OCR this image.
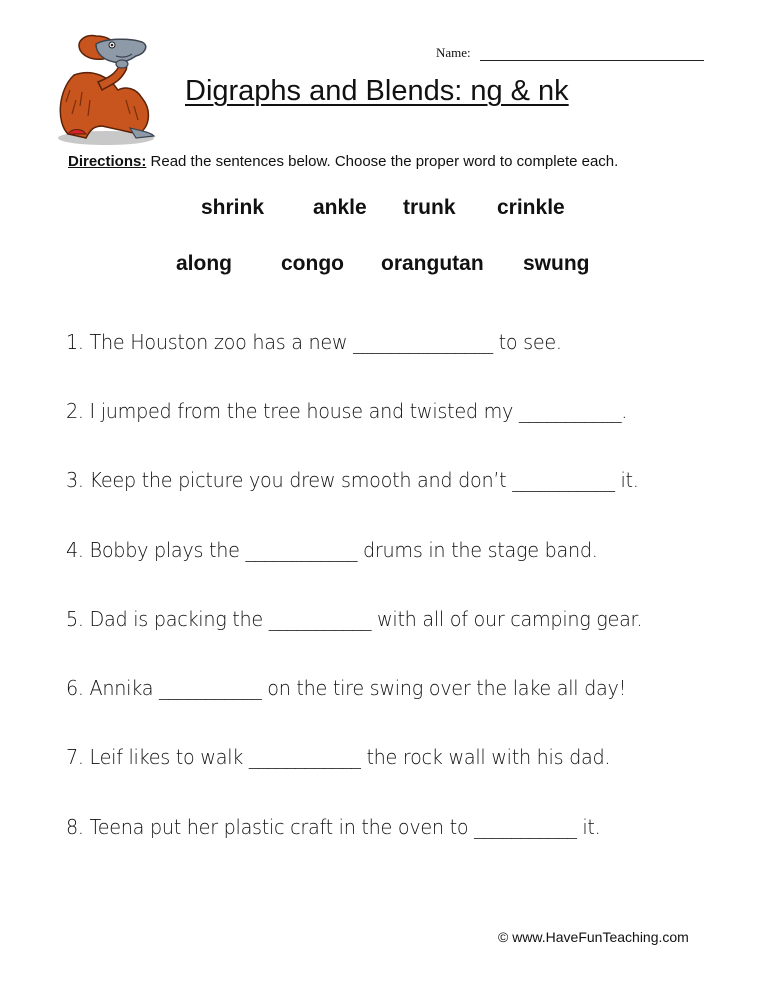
Name:
Digraphs and Blends: ng & nk
Directions: Read the sentences below. Choose the proper word to complete each.
shrink ankle trunk crinkle
along congo orangutan swung
1. The Houston zoo has a new _______________ to see.
2. I jumped from the tree house and twisted my ___________.
3. Keep the picture you drew smooth and don’t ___________ it.
4. Bobby plays the ____________ drums in the stage band.
5. Dad is packing the ___________ with all of our camping gear.
6. Annika ___________ on the tire swing over the lake all day!
7. Leif likes to walk ____________ the rock wall with his dad.
8. Teena put her plastic craft in the oven to ___________ it.
© www.HaveFunTeaching.com
